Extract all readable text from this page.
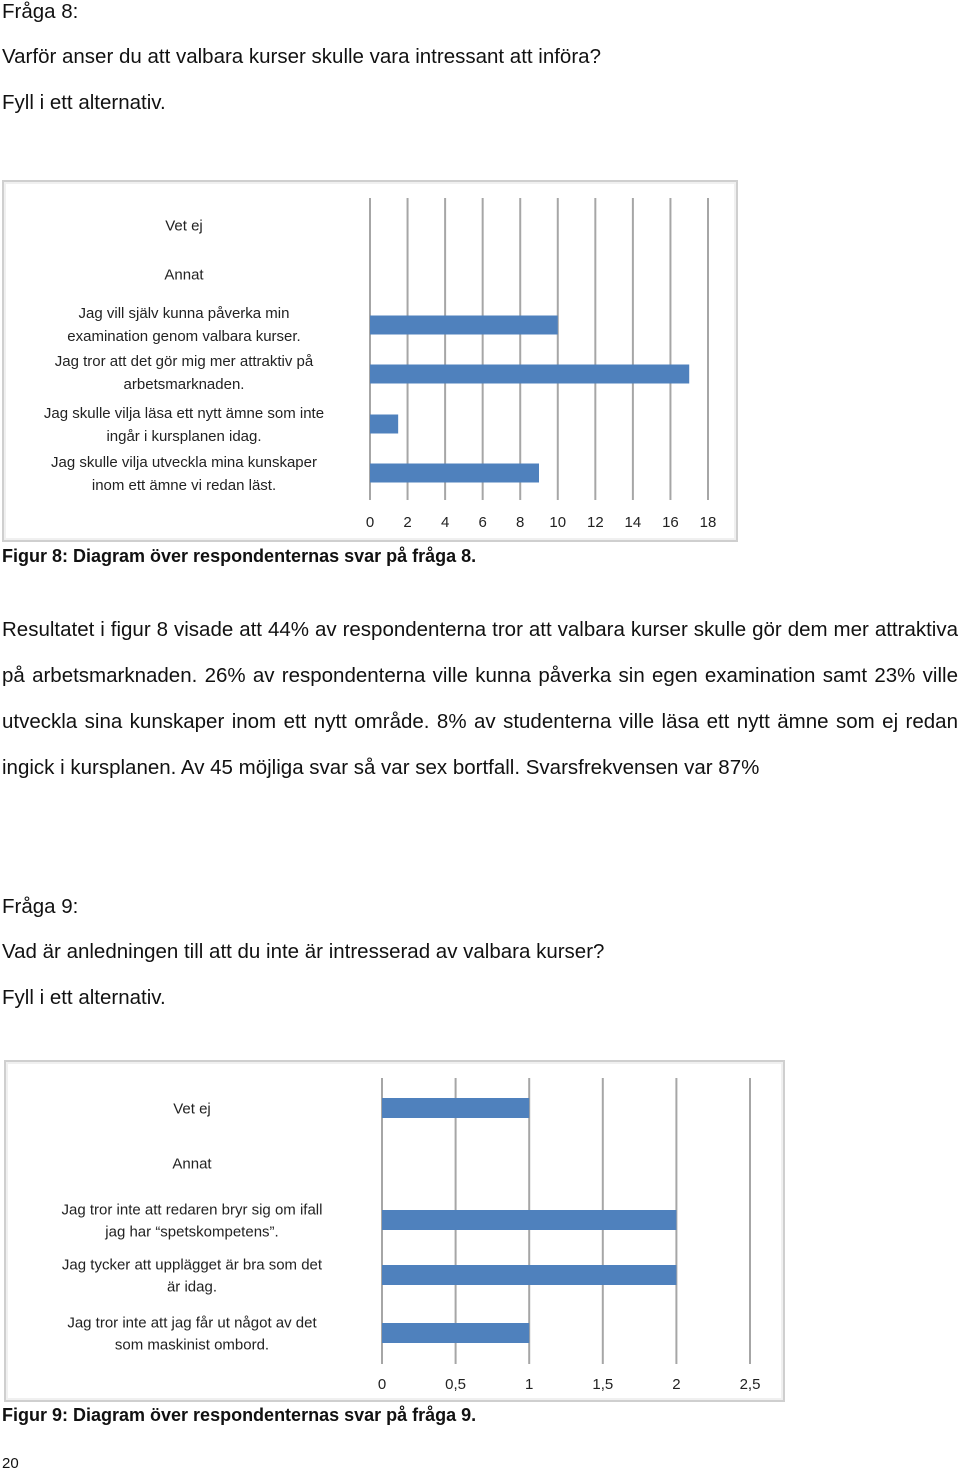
Fråga 8:
Varför anser du att valbara kurser skulle vara intressant att införa?
Fyll i ett alternativ.
0 2 4 6 8 10 12 14 16 18
Vet ej
Annat
Jag vill själv kunna påverka min
examination genom valbara kurser.
Jag tror att det gör mig mer attraktiv på
arbetsmarknaden.
Jag skulle vilja läsa ett nytt ämne som inte
ingår i kursplanen idag.
Jag skulle vilja utveckla mina kunskaper
inom ett ämne vi redan läst.
Figur 8: Diagram över respondenternas svar på fråga 8.
Resultatet i figur 8 visade att 44% av respondenterna tror att valbara kurser skulle gör dem mer attraktiva på arbetsmarknaden. 26% av respondenterna ville kunna påverka sin egen examination samt 23% ville utveckla sina kunskaper inom ett nytt område. 8% av studenterna ville läsa ett nytt ämne som ej redan ingick i kursplanen. Av 45 möjliga svar så var sex bortfall. Svarsfrekvensen var 87%
Fråga 9:
Vad är anledningen till att du inte är intresserad av valbara kurser?
Fyll i ett alternativ.
0	0,5	1	1,5	2	2,5
Vet ej
Annat
Jag tror inte att redaren bryr sig om ifall
jag har “spetskompetens”.
Jag tycker att upplägget är bra som det
är idag.
Jag tror inte att jag får ut något av det
som maskinist ombord.
Figur 9: Diagram över respondenternas svar på fråga 9.
20
